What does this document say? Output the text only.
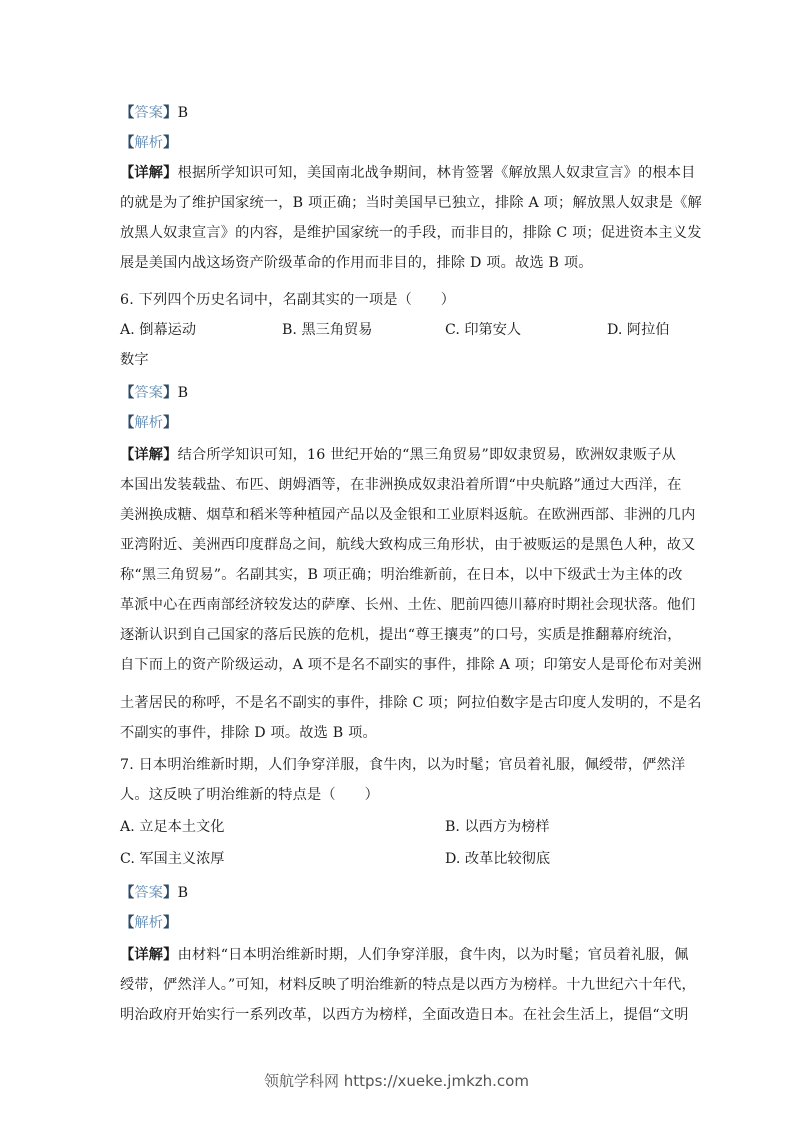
【答案】B
【解析】
【详解】根据所学知识可知，美国南北战争期间，林肯签署《解放黑人奴隶宣言》的根本目
的就是为了维护国家统一，B 项正确；当时美国早已独立，排除 A 项；解放黑人奴隶是《解
放黑人奴隶宣言》的内容，是维护国家统一的手段，而非目的，排除 C 项；促进资本主义发
展是美国内战这场资产阶级革命的作用而非目的，排除 D 项。故选 B 项。
6. 下列四个历史名词中，名副其实的一项是（　　）
A. 倒幕运动	B. 黑三角贸易	C. 印第安人	D. 阿拉伯
数字
【答案】B
【解析】
【详解】结合所学知识可知，16 世纪开始的“黑三角贸易”即奴隶贸易，欧洲奴隶贩子从
本国出发装载盐、布匹、朗姆酒等，在非洲换成奴隶沿着所谓“中央航路”通过大西洋，在
美洲换成糖、烟草和稻米等种植园产品以及金银和工业原料返航。在欧洲西部、非洲的几内
亚湾附近、美洲西印度群岛之间，航线大致构成三角形状，由于被贩运的是黑色人种，故又
称“黑三角贸易”。名副其实，B 项正确；明治维新前，在日本，以中下级武士为主体的改
革派中心在西南部经济较发达的萨摩、长州、土佐、肥前四德川幕府时期社会现状落。他们
逐渐认识到自己国家的落后民族的危机，提出“尊王攘夷”的口号，实质是推翻幕府统治，
自下而上的资产阶级运动，A 项不是名不副实的事件，排除 A 项；印第安人是哥伦布对美洲
土著居民的称呼，不是名不副实的事件，排除 C 项；阿拉伯数字是古印度人发明的，不是名
不副实的事件，排除 D 项。故选 B 项。
7. 日本明治维新时期，人们争穿洋服，食牛肉，以为时髦；官员着礼服，佩绶带，俨然洋
人。这反映了明治维新的特点是（　　）
A. 立足本土文化	B. 以西方为榜样
C. 军国主义浓厚	D. 改革比较彻底
【答案】B
【解析】
【详解】由材料“日本明治维新时期，人们争穿洋服，食牛肉，以为时髦；官员着礼服，佩
绶带，俨然洋人。”可知，材料反映了明治维新的特点是以西方为榜样。十九世纪六十年代，
明治政府开始实行一系列改革，以西方为榜样，全面改造日本。在社会生活上，提倡“文明
领航学科网 https://xueke.jmkzh.com
